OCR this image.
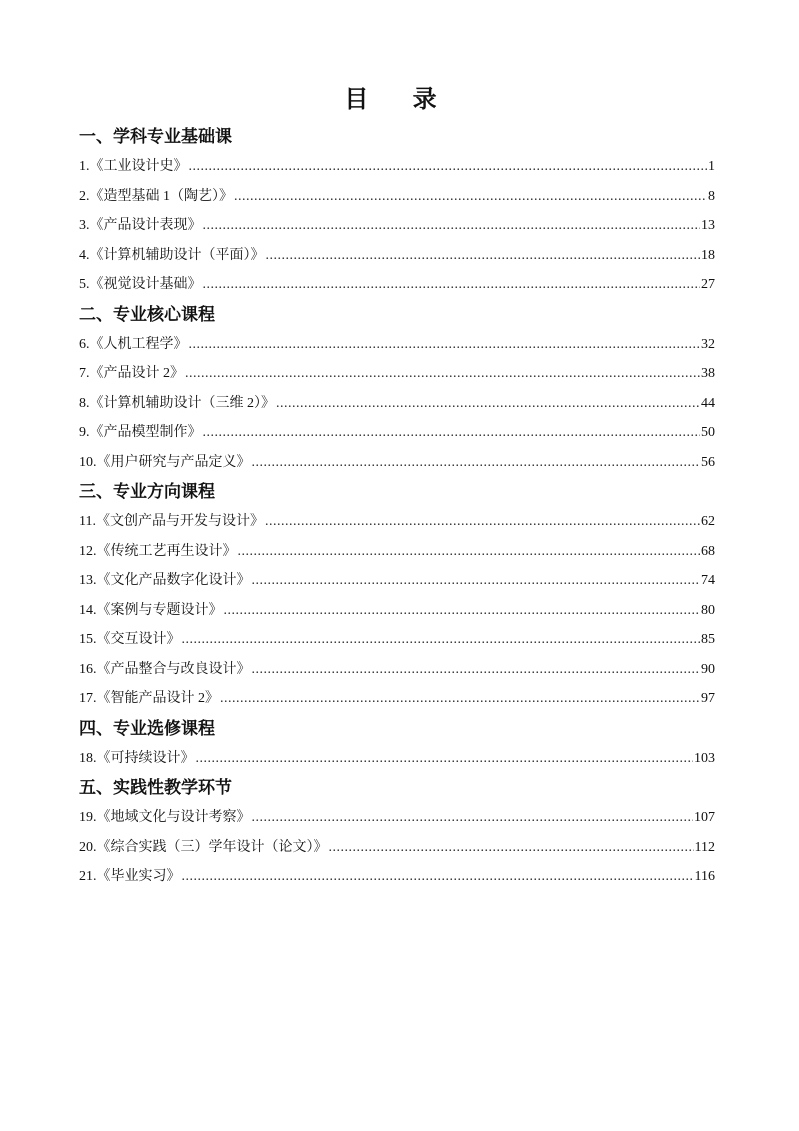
目 录
一、学科专业基础课
1.《工业设计史》 .....	1
2.《造型基础 1（陶艺）》 .....	8
3.《产品设计表现》 .....	13
4.《计算机辅助设计（平面）》 .....	18
5.《视觉设计基础》 .....	27
二、专业核心课程
6.《人机工程学》 .....	32
7.《产品设计 2》 .....	38
8.《计算机辅助设计（三维 2）》 .....	44
9.《产品模型制作》 .....	50
10.《用户研究与产品定义》 .....	56
三、专业方向课程
11.《文创产品与开发与设计》 .....	62
12.《传统工艺再生设计》 .....	68
13.《文化产品数字化设计》 .....	74
14.《案例与专题设计》 .....	80
15.《交互设计》 .....	85
16.《产品整合与改良设计》 .....	90
17.《智能产品设计 2》 .....	97
四、专业选修课程
18.《可持续设计》 .....	103
五、实践性教学环节
19.《地域文化与设计考察》 .....	107
20.《综合实践（三）学年设计（论文）》 .....	112
21.《毕业实习》 .....	116
